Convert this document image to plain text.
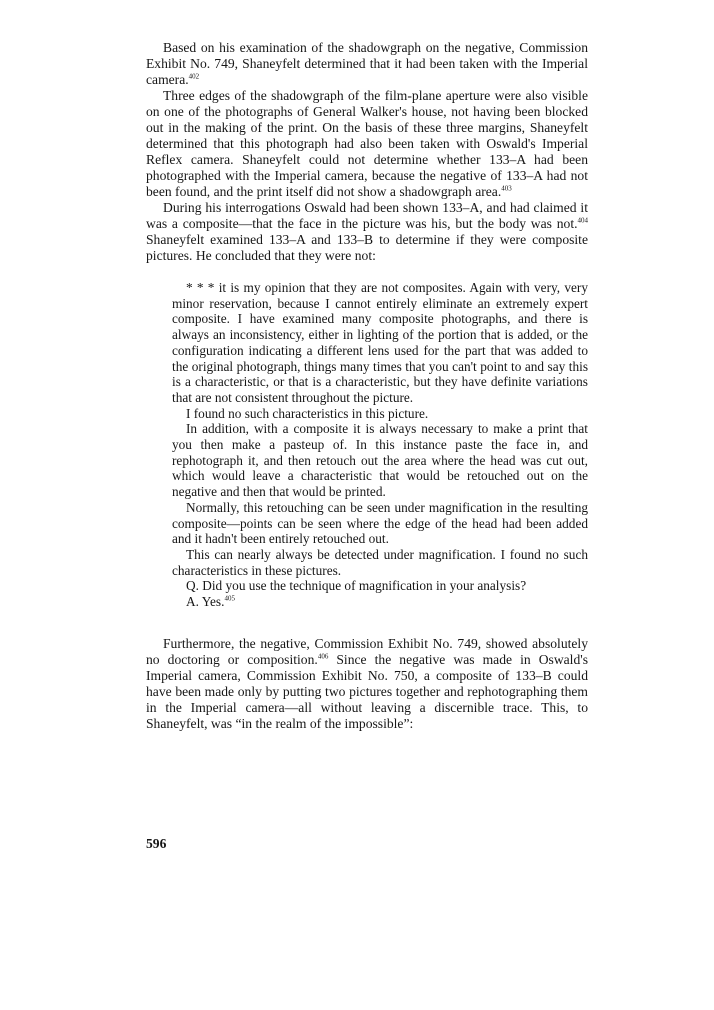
Based on his examination of the shadowgraph on the negative, Commission Exhibit No. 749, Shaneyfelt determined that it had been taken with the Imperial camera.$^{402}$

Three edges of the shadowgraph of the film-plane aperture were also visible on one of the photographs of General Walker's house, not having been blocked out in the making of the print. On the basis of these three margins, Shaneyfelt determined that this photograph had also been taken with Oswald's Imperial Reflex camera. Shaneyfelt could not determine whether 133–A had been photographed with the Imperial camera, because the negative of 133–A had not been found, and the print itself did not show a shadowgraph area.$^{403}$

During his interrogations Oswald had been shown 133–A, and had claimed it was a composite—that the face in the picture was his, but the body was not.$^{404}$ Shaneyfelt examined 133–A and 133–B to determine if they were composite pictures. He concluded that they were not:

* * * it is my opinion that they are not composites. Again with very, very minor reservation, because I cannot entirely eliminate an extremely expert composite. I have examined many composite photographs, and there is always an inconsistency, either in lighting of the portion that is added, or the configuration indicating a different lens used for the part that was added to the original photograph, things many times that you can't point to and say this is a characteristic, or that is a characteristic, but they have definite variations that are not consistent throughout the picture.

I found no such characteristics in this picture.

In addition, with a composite it is always necessary to make a print that you then make a pasteup of. In this instance paste the face in, and rephotograph it, and then retouch out the area where the head was cut out, which would leave a characteristic that would be retouched out on the negative and then that would be printed.

Normally, this retouching can be seen under magnification in the resulting composite—points can be seen where the edge of the head had been added and it hadn't been entirely retouched out.

This can nearly always be detected under magnification. I found no such characteristics in these pictures.

Q. Did you use the technique of magnification in your analysis?

A. Yes.$^{405}$

Furthermore, the negative, Commission Exhibit No. 749, showed absolutely no doctoring or composition.$^{406}$ Since the negative was made in Oswald's Imperial camera, Commission Exhibit No. 750, a composite of 133–B could have been made only by putting two pictures together and rephotographing them in the Imperial camera—all without leaving a discernible trace. This, to Shaneyfelt, was “in the realm of the impossible”:

596
